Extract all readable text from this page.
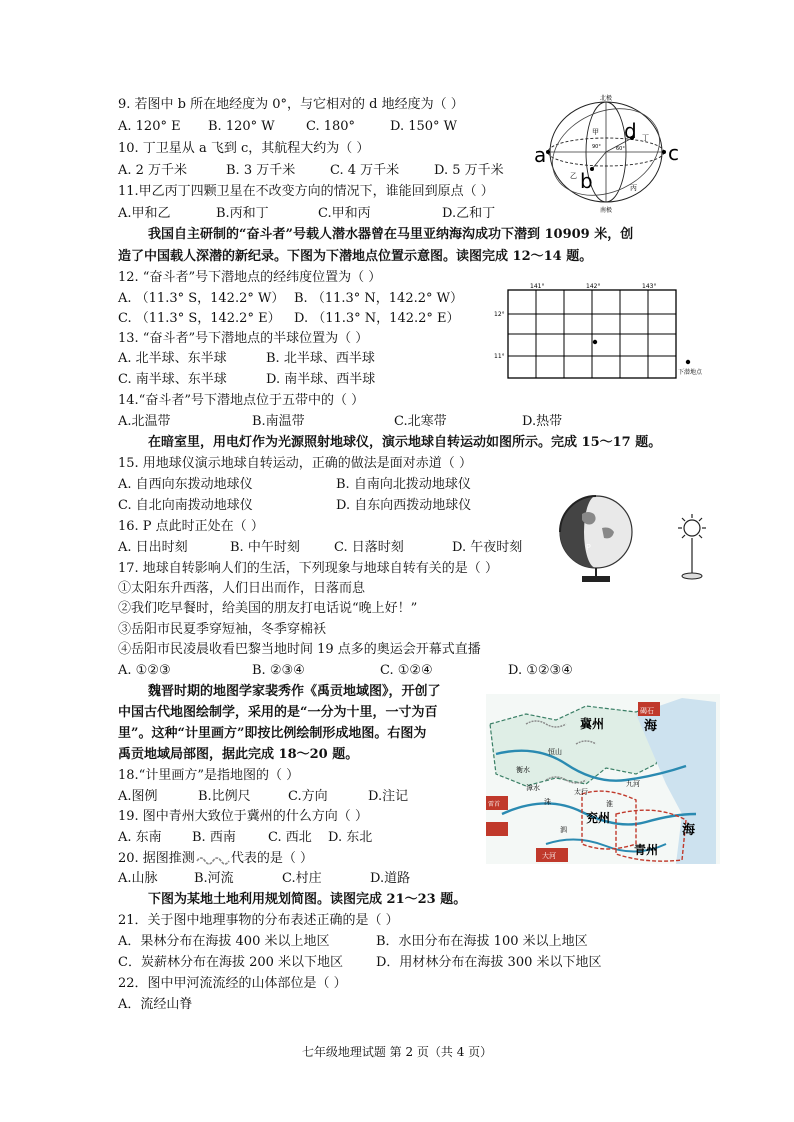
9. 若图中 b 所在地经度为 0°，与它相对的 d 地经度为（ ）
A. 120° E	B. 120° W	C. 180°	D. 150° W
10. 丁卫星从 a 飞到 c，其航程大约为（ ）
A. 2 万千米	B. 3 万千米	C. 4 万千米	D. 5 万千米
11.甲乙丙丁四颗卫星在不改变方向的情况下，谁能回到原点（ ）
A.甲和乙	B.丙和丁	C.甲和丙	D.乙和丁
我国自主研制的“奋斗者”号载人潜水器曾在马里亚纳海沟成功下潜到 10909 米，创
造了中国载人深潜的新纪录。下图为下潜地点位置示意图。读图完成 12～14 题。
12. “奋斗者”号下潜地点的经纬度位置为（ ）
A. （11.3° S，142.2° W） B. （11.3° N，142.2° W）
C. （11.3° S，142.2° E）	D. （11.3° N，142.2° E）
13. “奋斗者”号下潜地点的半球位置为（ ）
A. 北半球、东半球	B. 北半球、西半球
C. 南半球、东半球	D. 南半球、西半球
14.“奋斗者”号下潜地点位于五带中的（ ）
A.北温带	B.南温带	C.北寒带	D.热带
在暗室里，用电灯作为光源照射地球仪，演示地球自转运动如图所示。完成 15～17 题。
15. 用地球仪演示地球自转运动，正确的做法是面对赤道（ ）
A. 自西向东拨动地球仪	B. 自南向北拨动地球仪
C. 自北向南拨动地球仪	D. 自东向西拨动地球仪
16. P 点此时正处在（ ）
A. 日出时刻	B. 中午时刻	C. 日落时刻	D. 午夜时刻
17. 地球自转影响人们的生活，下列现象与地球自转有关的是（ ）
①太阳东升西落，人们日出而作，日落而息
②我们吃早餐时，给美国的朋友打电话说“晚上好！”
③岳阳市民夏季穿短袖，冬季穿棉袄
④岳阳市民凌晨收看巴黎当地时间 19 点多的奥运会开幕式直播
A. ①②③	B. ②③④	C. ①②④	D. ①②③④
魏晋时期的地图学家裴秀作《禹贡地域图》，开创了
中国古代地图绘制学，采用的是“一分为十里，一寸为百
里”。这种“计里画方”即按比例绘制形成地图。右图为
禹贡地域局部图，据此完成 18～20 题。
18.“计里画方”是指地图的（ ）
A.图例	B.比例尺	C.方向	D.注记
19. 图中青州大致位于冀州的什么方向（ ）
A. 东南	B. 西南	C. 西北	D. 东北
20. 据图推测	代表的是（ ）
A.山脉	B.河流	C.村庄	D.道路
下图为某地土地利用规划简图。读图完成 21～23 题。
21．关于图中地理事物的分布表述正确的是（ ）
A．果林分布在海拔 400 米以上地区	B．水田分布在海拔 100 米以上地区
C．炭薪林分布在海拔 200 米以下地区	D．用材林分布在海拔 300 米以下地区
22．图中甲河流流经的山体部位是（ ）
A．流经山脊
七年级地理试题 第 2 页（共 4 页）
北极
南极
a	c
b
d 丁
乙
丙
甲
60°
90°
141°	142°	143°
12°
11°
下潜地点
P
海
海
冀州
兖州
青州
碣石
恒山
太行
九河
雷首
大河
淮
洙
泗
衡水
漳水
